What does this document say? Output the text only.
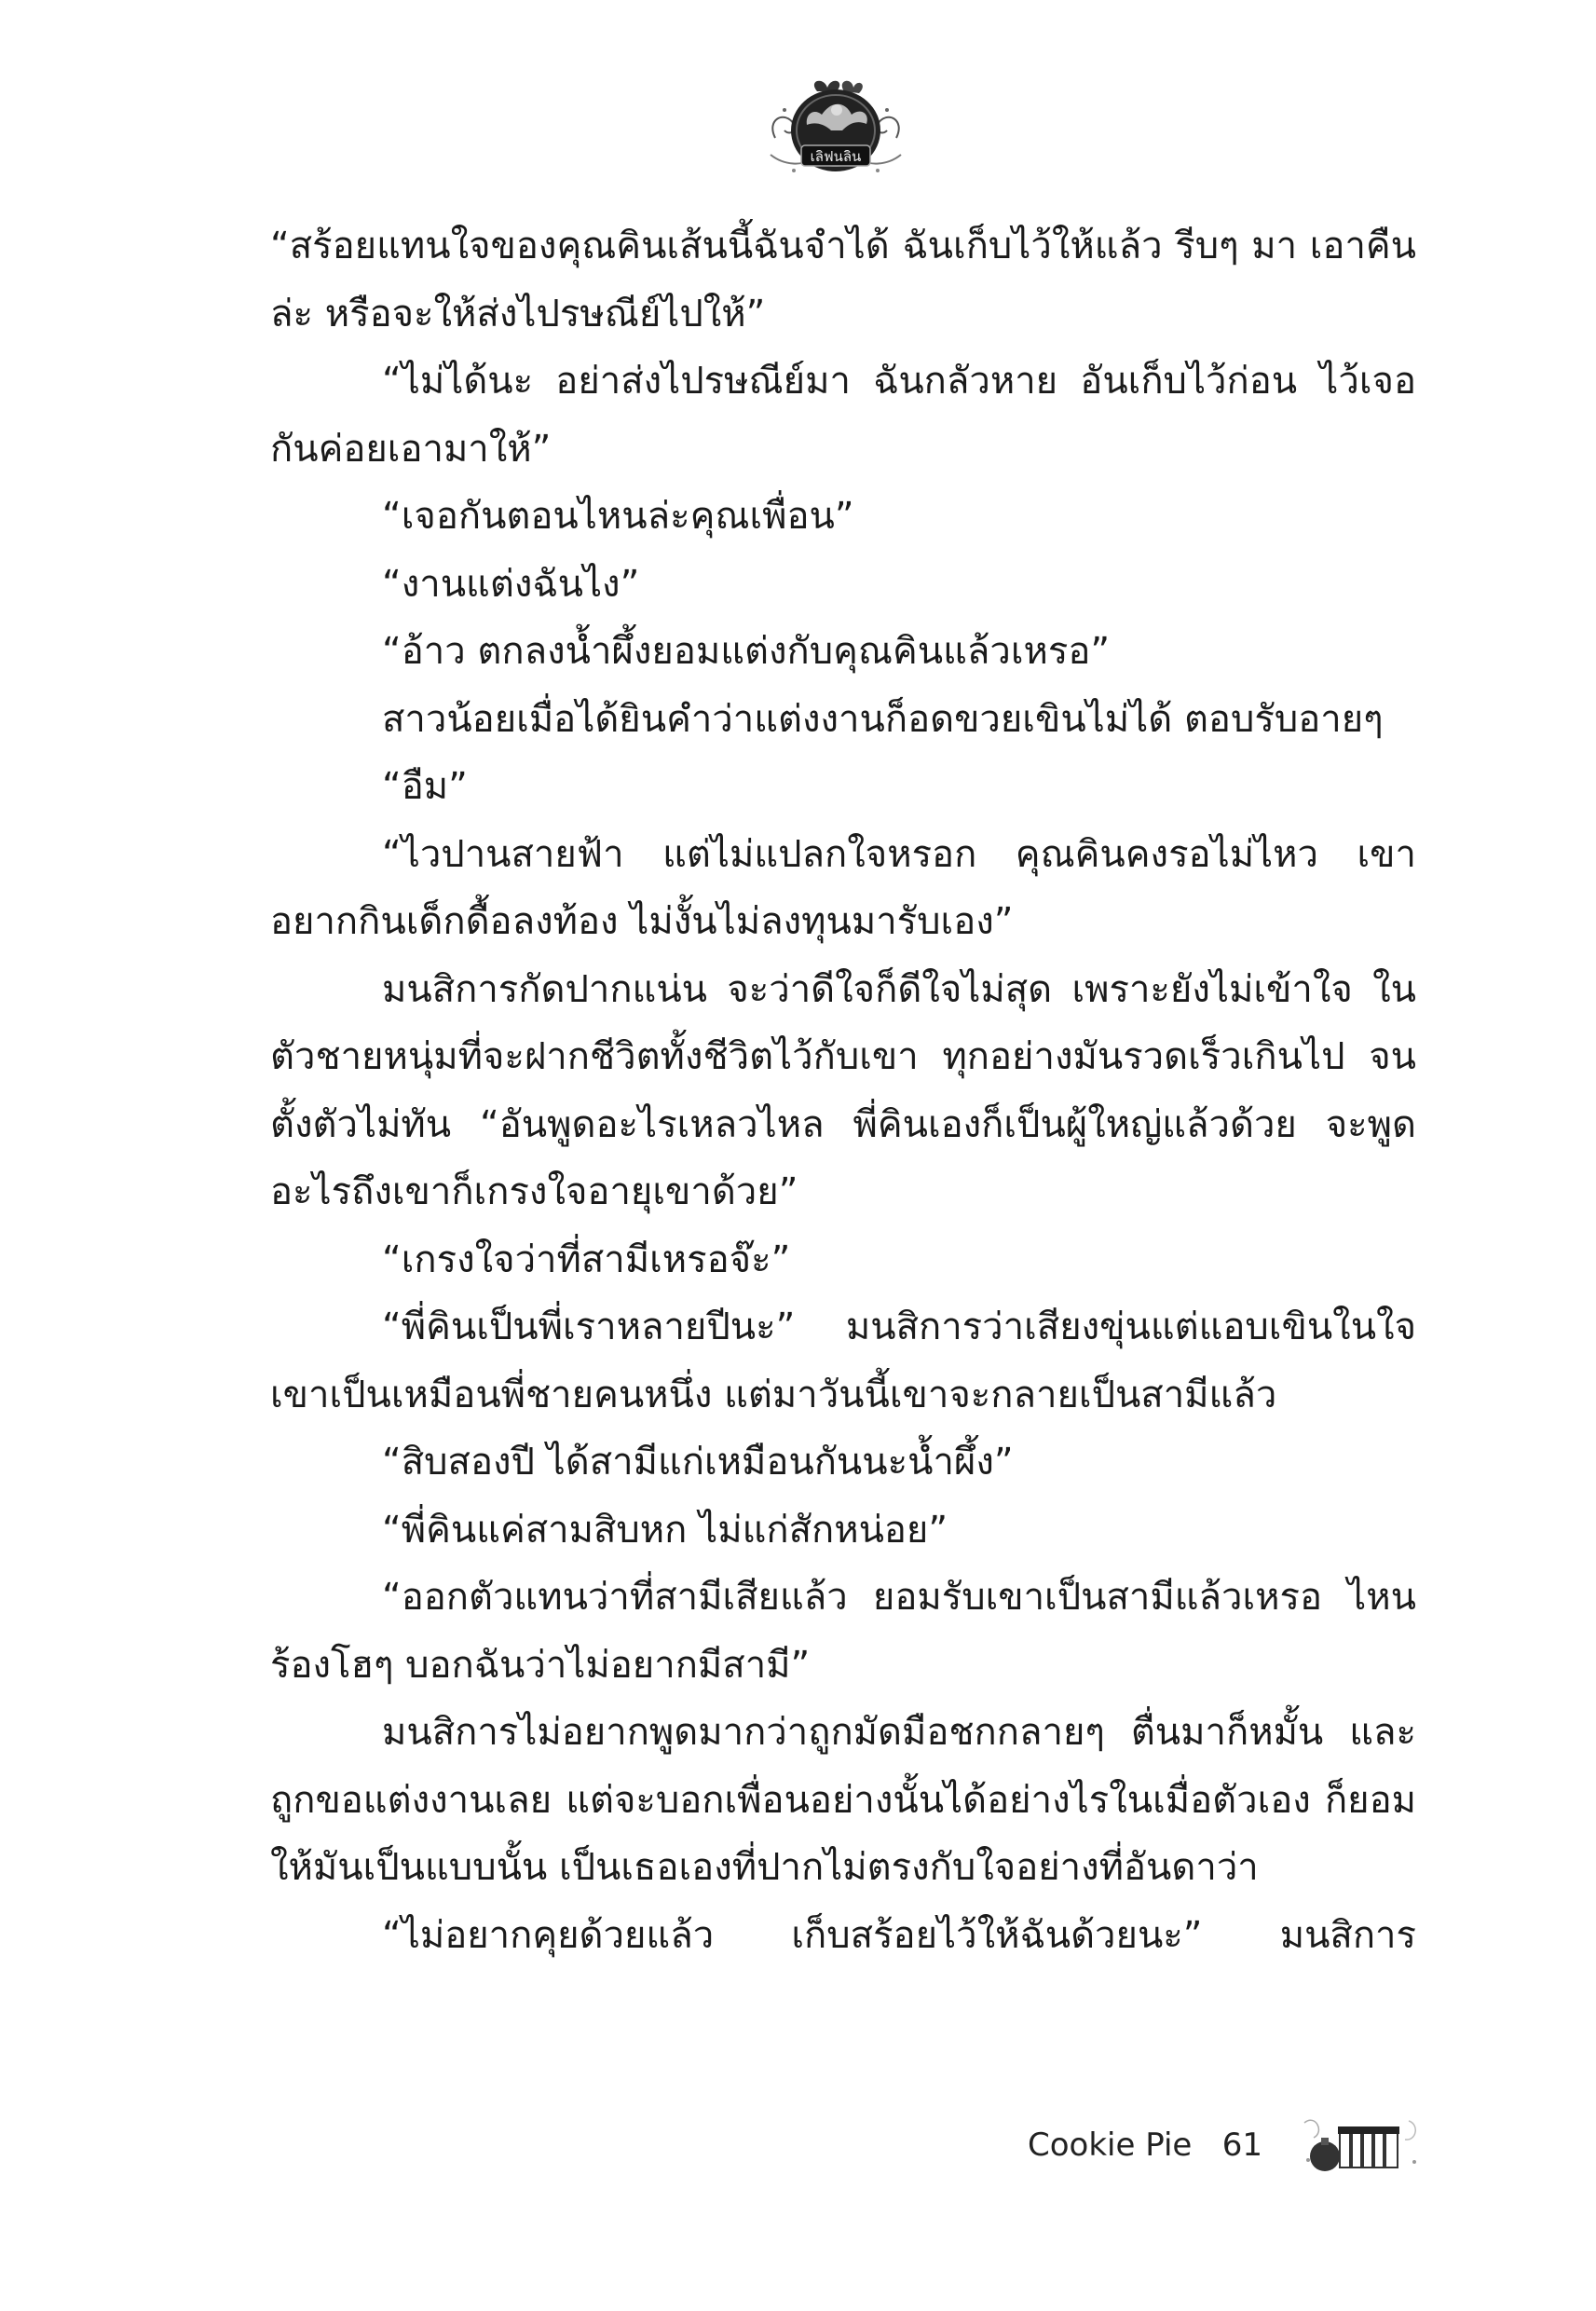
เลิฟนลิน

“สร้อยแทนใจของคุณคินเส้นนี้ฉันจำได้ ฉันเก็บไว้ให้แล้ว รีบๆ มา เอาคืนล่ะ หรือจะให้ส่งไปรษณีย์ไปให้”

“ไม่ได้นะ อย่าส่งไปรษณีย์มา ฉันกลัวหาย อันเก็บไว้ก่อน ไว้เจอกันค่อยเอามาให้”

“เจอกันตอนไหนล่ะคุณเพื่อน”

“งานแต่งฉันไง”

“อ้าว ตกลงน้ำผึ้งยอมแต่งกับคุณคินแล้วเหรอ”

สาวน้อยเมื่อได้ยินคำว่าแต่งงานก็อดขวยเขินไม่ได้ ตอบรับอายๆ

“อืม”

“ไวปานสายฟ้า แต่ไม่แปลกใจหรอก คุณคินคงรอไม่ไหว เขา อยากกินเด็กดื้อลงท้อง ไม่งั้นไม่ลงทุนมารับเอง”

มนสิการกัดปากแน่น จะว่าดีใจก็ดีใจไม่สุด เพราะยังไม่เข้าใจ ในตัวชายหนุ่มที่จะฝากชีวิตทั้งชีวิตไว้กับเขา ทุกอย่างมันรวดเร็วเกินไป จนตั้งตัวไม่ทัน “อันพูดอะไรเหลวไหล พี่คินเองก็เป็นผู้ใหญ่แล้วด้วย จะพูดอะไรถึงเขาก็เกรงใจอายุเขาด้วย”

“เกรงใจว่าที่สามีเหรอจ๊ะ”

“พี่คินเป็นพี่เราหลายปีนะ” มนสิการว่าเสียงขุ่นแต่แอบเขินในใจ เขาเป็นเหมือนพี่ชายคนหนึ่ง แต่มาวันนี้เขาจะกลายเป็นสามีแล้ว

“สิบสองปี ได้สามีแก่เหมือนกันนะน้ำผึ้ง”

“พี่คินแค่สามสิบหก ไม่แก่สักหน่อย”

“ออกตัวแทนว่าที่สามีเสียแล้ว ยอมรับเขาเป็นสามีแล้วเหรอ ไหนร้องโฮๆ บอกฉันว่าไม่อยากมีสามี”

มนสิการไม่อยากพูดมากว่าถูกมัดมือชกกลายๆ ตื่นมาก็หมั้น และถูกขอแต่งงานเลย แต่จะบอกเพื่อนอย่างนั้นได้อย่างไรในเมื่อตัวเอง ก็ยอมให้มันเป็นแบบนั้น เป็นเธอเองที่ปากไม่ตรงกับใจอย่างที่อันดาว่า

“ไม่อยากคุยด้วยแล้ว เก็บสร้อยไว้ให้ฉันด้วยนะ” มนสิการ

Cookie Pie 61
